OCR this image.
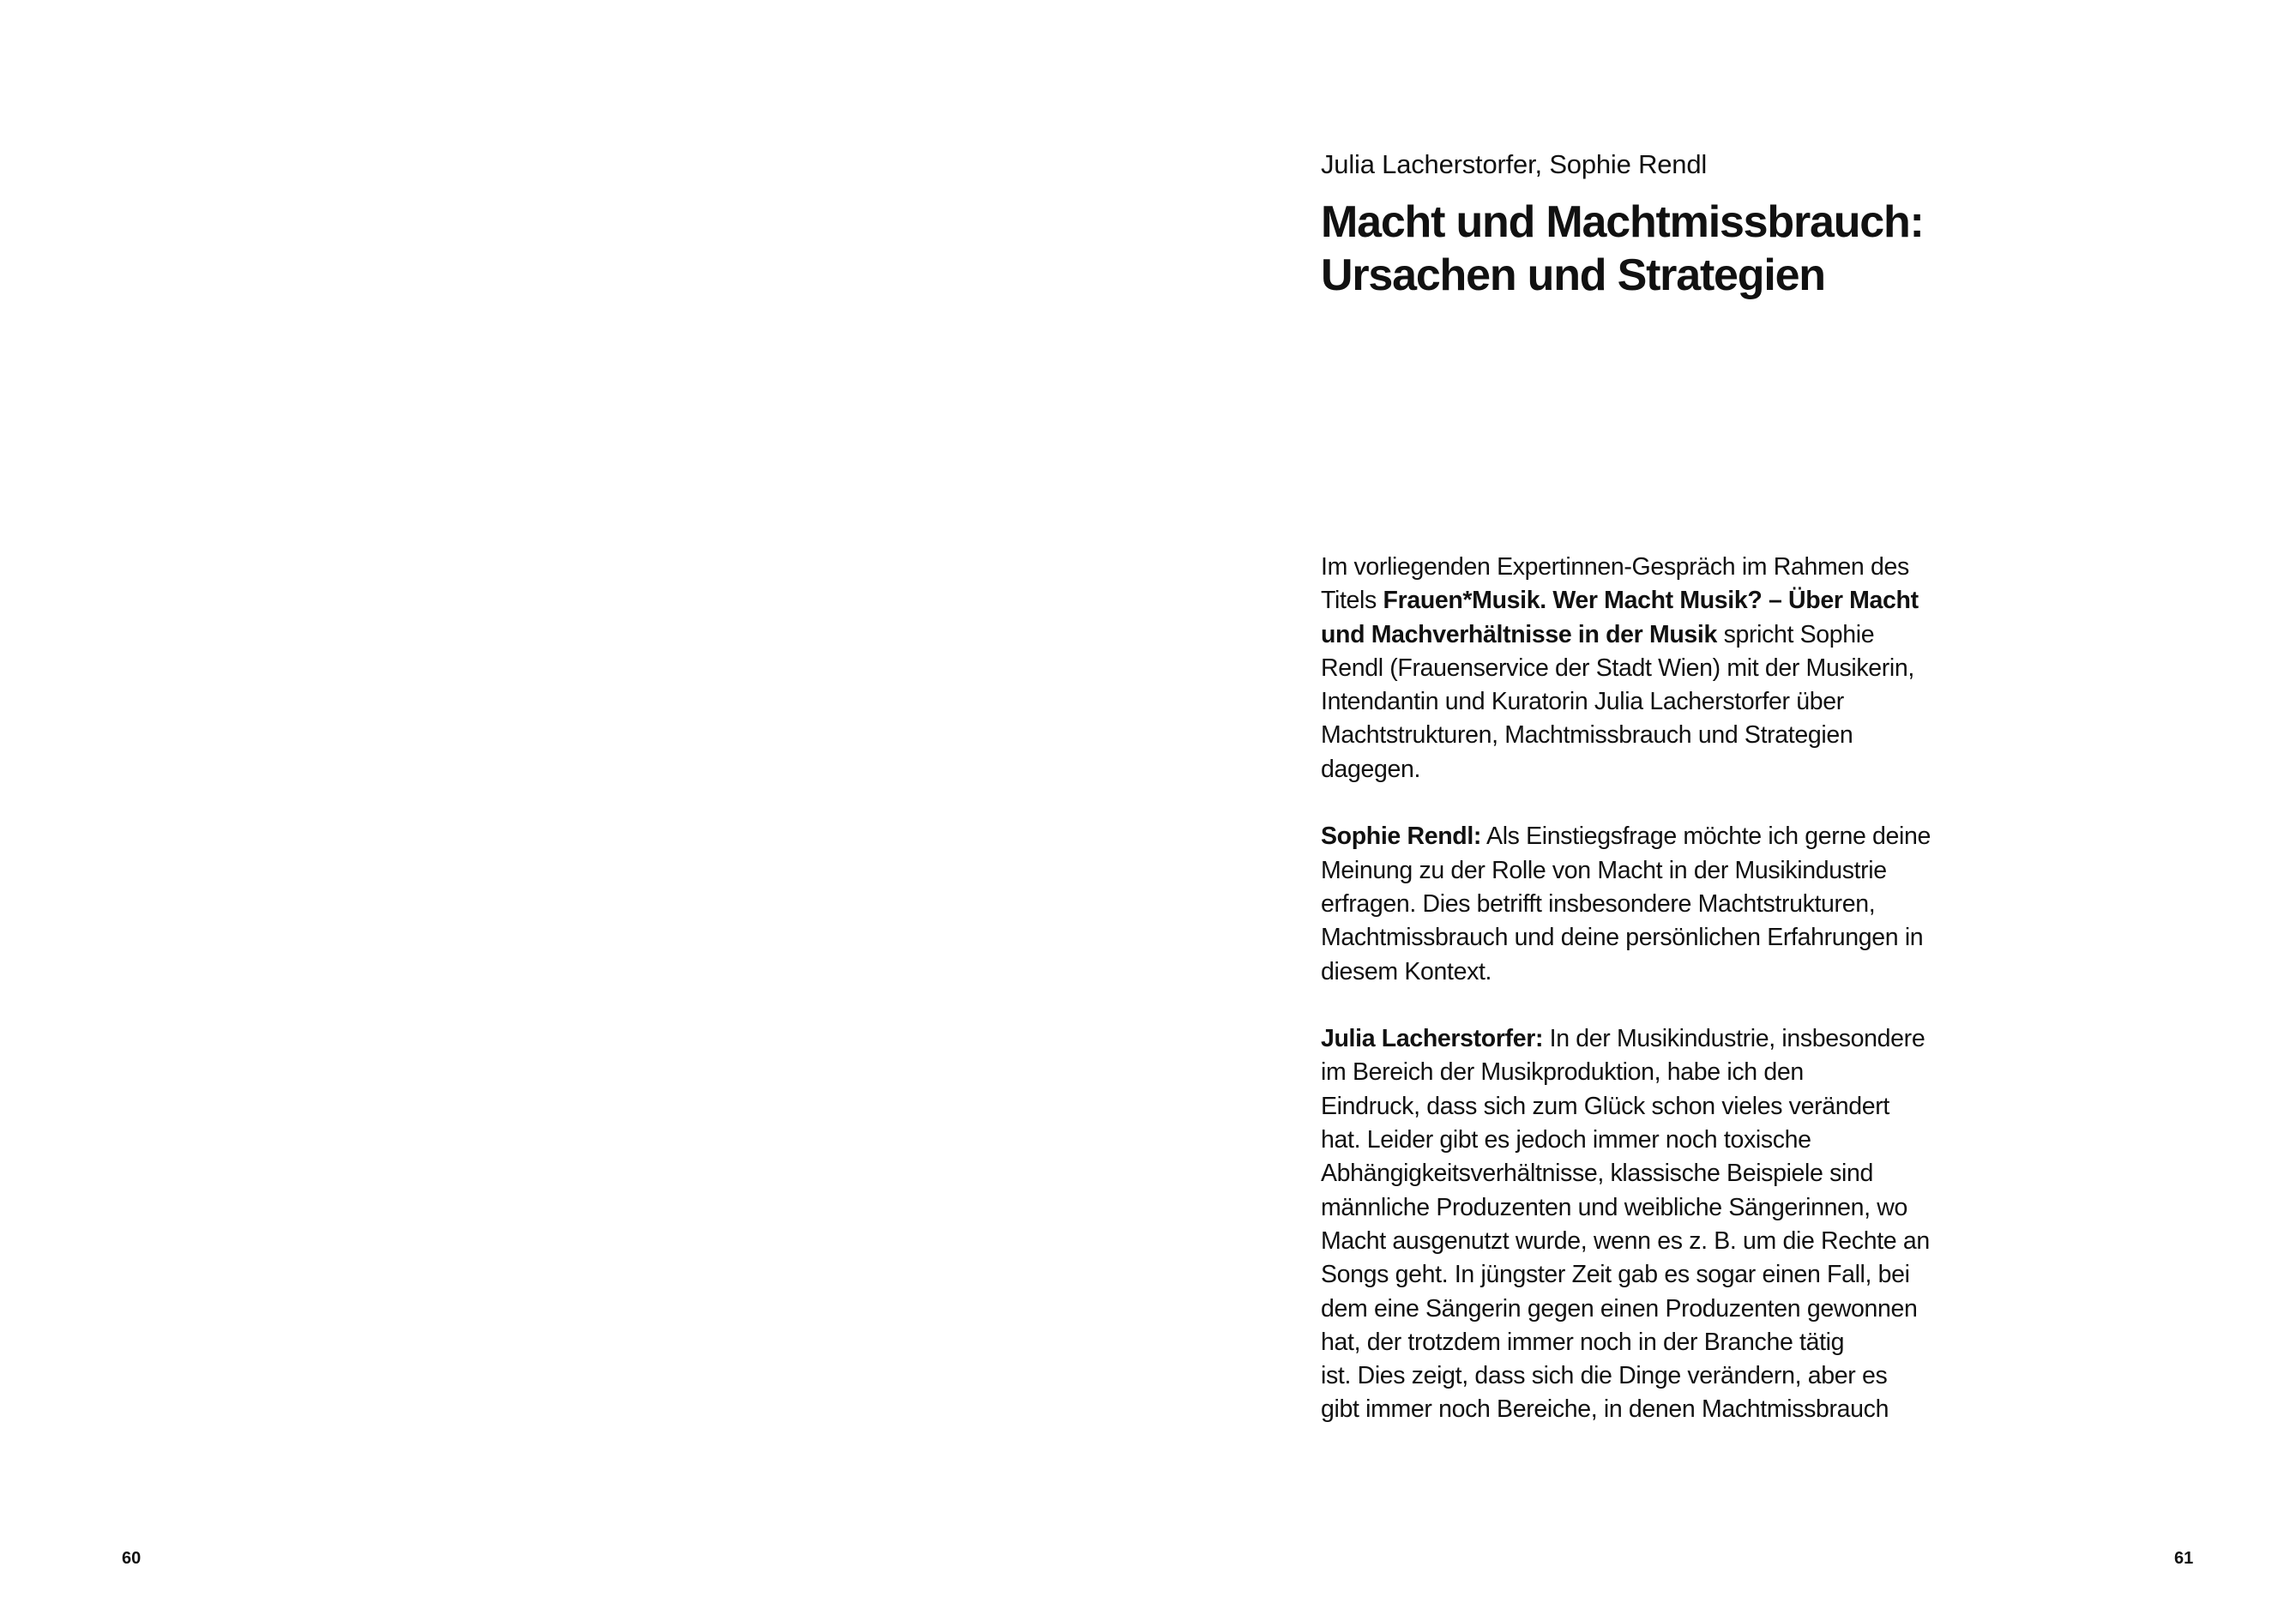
60
Julia Lacherstorfer, Sophie Rendl
Macht und Machtmissbrauch:
Ursachen und Strategien

Im vorliegenden Expertinnen-Gespräch im Rahmen des
Titels Frauen*Musik. Wer Macht Musik? – Über Macht
und Machverhältnisse in der Musik spricht Sophie
Rendl (Frauenservice der Stadt Wien) mit der Musikerin,
Intendantin und Kuratorin Julia Lacherstorfer über
Machtstrukturen, Machtmissbrauch und Strategien
dagegen.

Sophie Rendl: Als Einstiegsfrage möchte ich gerne deine
Meinung zu der Rolle von Macht in der Musikindustrie
erfragen. Dies betrifft insbesondere Machtstrukturen,
Machtmissbrauch und deine persönlichen Erfahrungen in
diesem Kontext.

Julia Lacherstorfer: In der Musikindustrie, insbesondere
im Bereich der Musikproduktion, habe ich den
Eindruck, dass sich zum Glück schon vieles verändert
hat. Leider gibt es jedoch immer noch toxische
Abhängigkeitsverhältnisse, klassische Beispiele sind
männliche Produzenten und weibliche Sängerinnen, wo
Macht ausgenutzt wurde, wenn es z. B. um die Rechte an
Songs geht. In jüngster Zeit gab es sogar einen Fall, bei
dem eine Sängerin gegen einen Produzenten gewonnen
hat, der trotzdem immer noch in der Branche tätig
ist. Dies zeigt, dass sich die Dinge verändern, aber es
gibt immer noch Bereiche, in denen Machtmissbrauch

61
